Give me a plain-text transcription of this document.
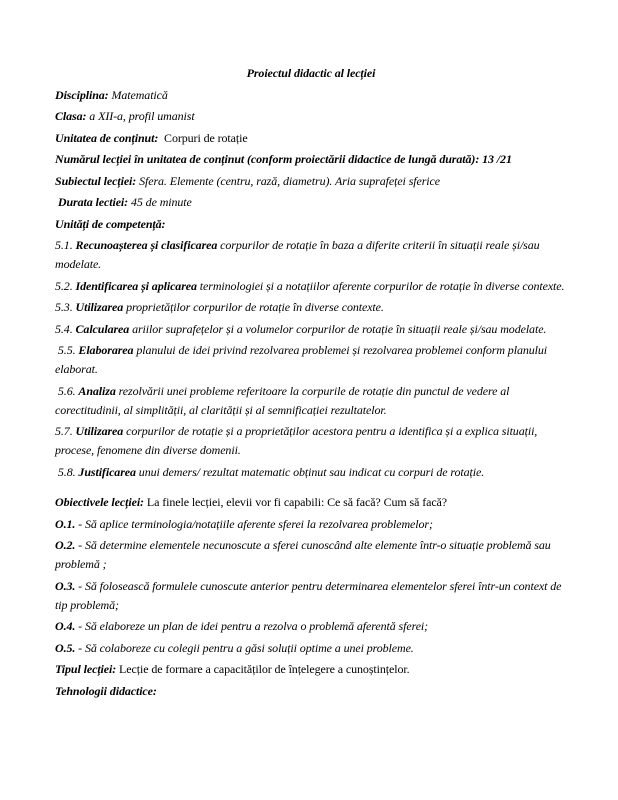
Proiectul didactic al lecției

Disciplina: Matematică

Clasa: a XII-a, profil umanist

Unitatea de conținut:  Corpuri de rotație

Numărul lecției în unitatea de conținut (conform proiectării didactice de lungă durată): 13 /21

Subiectul lecției: Sfera. Elemente (centru, rază, diametru). Aria suprafeței sferice

Durata lectiei: 45 de minute

Unități de competență:

5.1. Recunoașterea și clasificarea corpurilor de rotație în baza a diferite criterii în situații reale și/sau modelate.

5.2. Identificarea și aplicarea terminologiei și a notațiilor aferente corpurilor de rotație în diverse contexte.

5.3. Utilizarea proprietăților corpurilor de rotație în diverse contexte.

5.4. Calcularea ariilor suprafețelor și a volumelor corpurilor de rotație în situații reale și/sau modelate.

5.5. Elaborarea planului de idei privind rezolvarea problemei și rezolvarea problemei conform planului elaborat.

5.6. Analiza rezolvării unei probleme referitoare la corpurile de rotație din punctul de vedere al corectitudinii, al simplității, al clarității și al semnificației rezultatelor.

5.7. Utilizarea corpurilor de rotație și a proprietăților acestora pentru a identifica și a explica situații, procese, fenomene din diverse domenii.

5.8. Justificarea unui demers/ rezultat matematic obținut sau indicat cu corpuri de rotație.

Obiectivele lecției: La finele lecției, elevii vor fi capabili: Ce să facă? Cum să facă?

O.1. - Să aplice terminologia/notațiile aferente sferei la rezolvarea problemelor;

O.2. - Să determine elementele necunoscute a sferei cunoscând alte elemente într-o situație problemă sau problemă ;

O.3. - Să folosească formulele cunoscute anterior pentru determinarea elementelor sferei într-un context de tip problemă;

O.4. - Să elaboreze un plan de idei pentru a rezolva o problemă aferentă sferei;

O.5. - Să colaboreze cu colegii pentru a găsi soluții optime a unei probleme.

Tipul lecției: Lecție de formare a capacităților de înțelegere a cunoștințelor.

Tehnologii didactice:
